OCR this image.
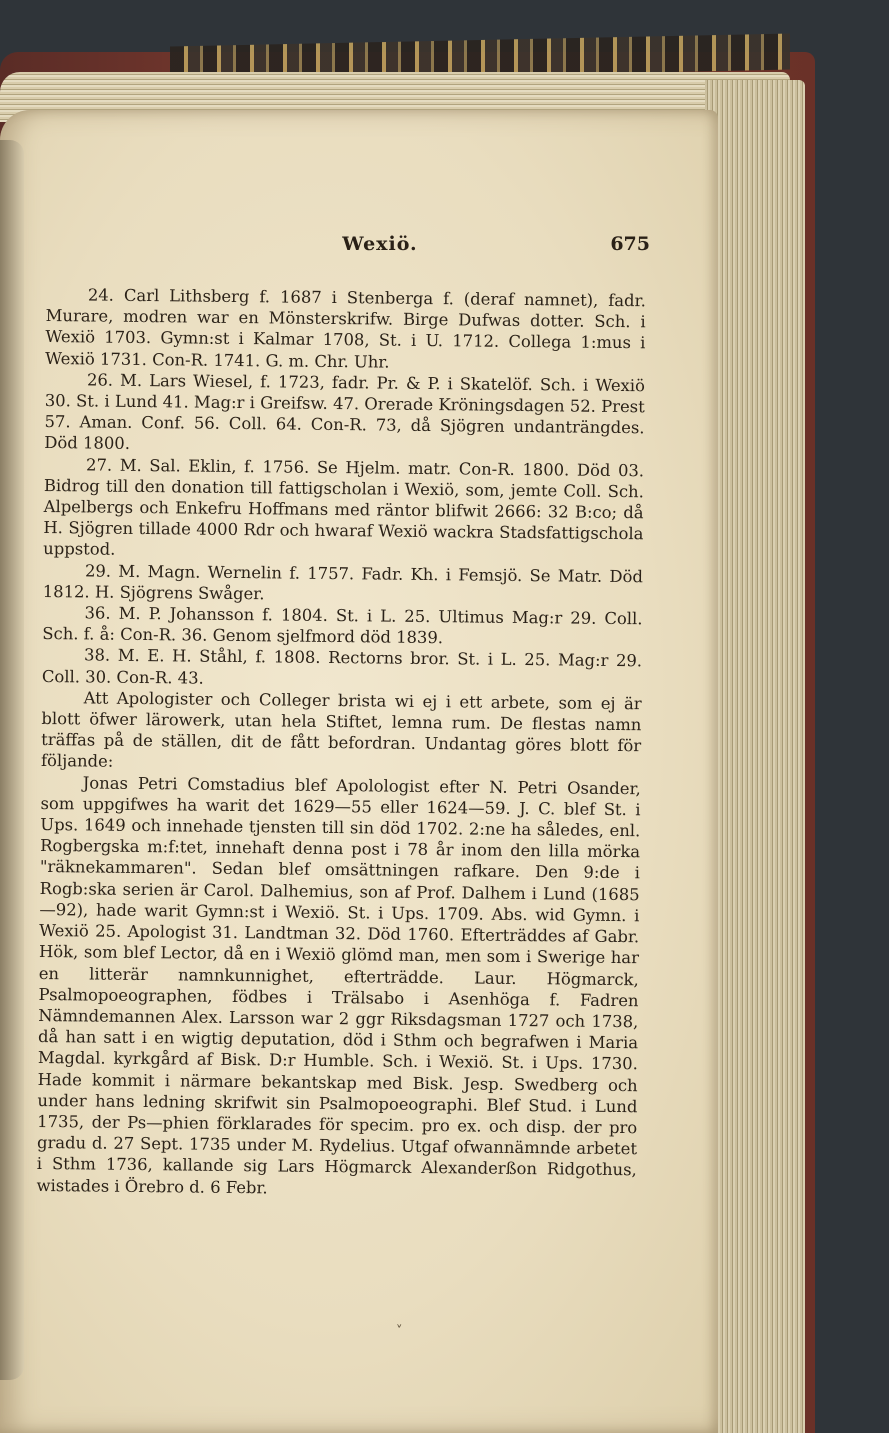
Wexiö.	675

24. Carl Lithsberg f. 1687 i Stenberga f. (deraf namnet), fadr. Murare, modren war en Mönsterskrifw. Birge Dufwas dotter. Sch. i Wexiö 1703. Gymn:st i Kalmar 1708, St. i U. 1712. Collega 1:mus i Wexiö 1731. Con-R. 1741. G. m. Chr. Uhr.

26. M. Lars Wiesel, f. 1723, fadr. Pr. & P. i Skatelöf. Sch. i Wexiö 30. St. i Lund 41. Mag:r i Greifsw. 47. Orerade Kröningsdagen 52. Prest 57. Aman. Conf. 56. Coll. 64. Con-R. 73, då Sjögren undanträngdes. Död 1800.

27. M. Sal. Eklin, f. 1756. Se Hjelm. matr. Con-R. 1800. Död 03. Bidrog till den donation till fattigscholan i Wexiö, som, jemte Coll. Sch. Alpelbergs och Enkefru Hoffmans med räntor blifwit 2666: 32 B:co; då H. Sjögren tillade 4000 Rdr och hwaraf Wexiö wackra Stadsfattigschola uppstod.

29. M. Magn. Wernelin f. 1757. Fadr. Kh. i Femsjö. Se Matr. Död 1812. H. Sjögrens Swåger.

36. M. P. Johansson f. 1804. St. i L. 25. Ultimus Mag:r 29. Coll. Sch. f. å: Con-R. 36. Genom sjelfmord död 1839.

38. M. E. H. Ståhl, f. 1808. Rectorns bror. St. i L. 25. Mag:r 29. Coll. 30. Con-R. 43.

Att Apologister och Colleger brista wi ej i ett arbete, som ej är blott öfwer lärowerk, utan hela Stiftet, lemna rum. De flestas namn träffas på de ställen, dit de fått befordran. Undantag göres blott för följande:

Jonas Petri Comstadius blef Apolologist efter N. Petri Osander, som uppgifwes ha warit det 1629—55 eller 1624—59. J. C. blef St. i Ups. 1649 och innehade tjensten till sin död 1702. 2:ne ha således, enl. Rogbergska m:f:tet, innehaft denna post i 78 år inom den lilla mörka "räknekammaren". Sedan blef omsättningen rafkare. Den 9:de i Rogb:ska serien är Carol. Dalhemius, son af Prof. Dalhem i Lund (1685—92), hade warit Gymn:st i Wexiö. St. i Ups. 1709. Abs. wid Gymn. i Wexiö 25. Apologist 31. Landtman 32. Död 1760. Efterträddes af Gabr. Hök, som blef Lector, då en i Wexiö glömd man, men som i Swerige har en litterär namnkunnighet, efterträdde. Laur. Högmarck, Psalmopoeographen, födbes i Trälsabo i Asenhöga f. Fadren Nämndemannen Alex. Larsson war 2 ggr Riksdagsman 1727 och 1738, då han satt i en wigtig deputation, död i Sthm och begrafwen i Maria Magdal. kyrkgård af Bisk. D:r Humble. Sch. i Wexiö. St. i Ups. 1730. Hade kommit i närmare bekantskap med Bisk. Jesp. Swedberg och under hans ledning skrifwit sin Psalmopoeographi. Blef Stud. i Lund 1735, der Ps—phien förklarades för specim. pro ex. och disp. der pro gradu d. 27 Sept. 1735 under M. Rydelius. Utgaf ofwannämnde arbetet i Sthm 1736, kallande sig Lars Högmarck Alexanderßon Ridgothus, wistades i Örebro d. 6 Febr.

˅
